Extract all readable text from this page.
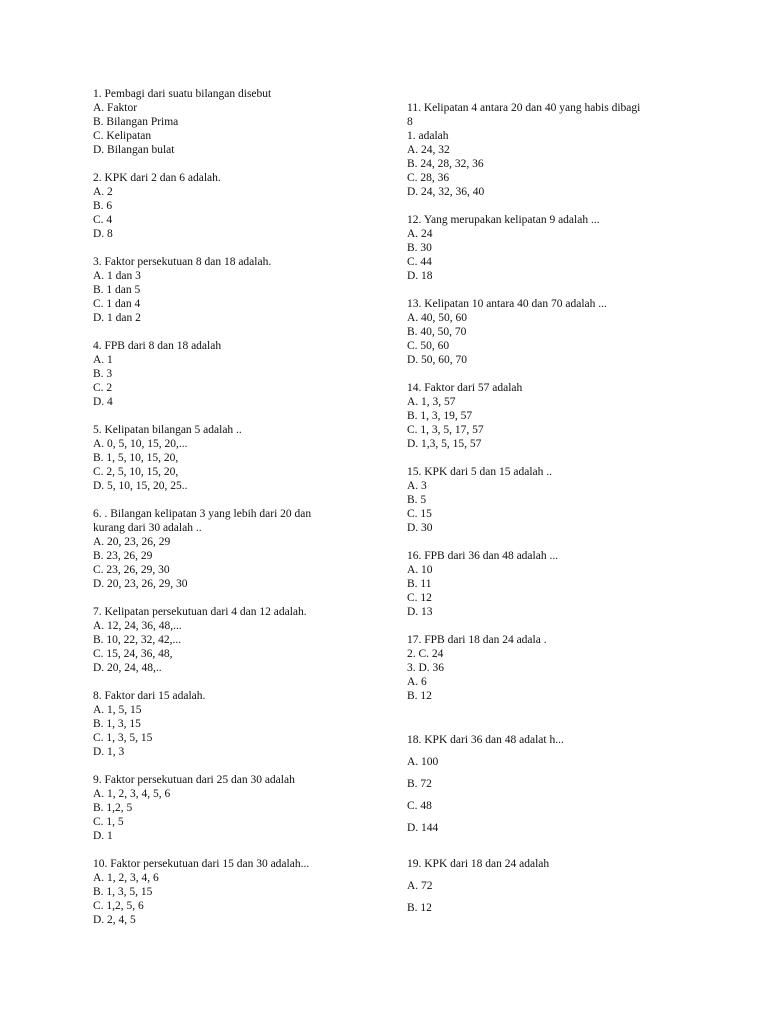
1. Pembagi dari suatu bilangan disebut
A. Faktor
B. Bilangan Prima
C. Kelipatan
D. Bilangan bulat
2. KPK dari 2 dan 6 adalah.
A. 2
B. 6
C. 4
D. 8
3. Faktor persekutuan 8 dan 18 adalah.
A. 1 dan 3
B. 1 dan 5
C. 1 dan 4
D. 1 dan 2
4. FPB dari 8 dan 18 adalah
A. 1
B. 3
C. 2
D. 4
5. Kelipatan bilangan 5 adalah ..
A. 0, 5, 10, 15, 20,...
B. 1, 5, 10, 15, 20,
C. 2, 5, 10, 15, 20,
D. 5, 10, 15, 20, 25..
6. . Bilangan kelipatan 3 yang lebih dari 20 dan
kurang dari 30 adalah ..
A. 20, 23, 26, 29
B. 23, 26, 29
C. 23, 26, 29, 30
D. 20, 23, 26, 29, 30
7. Kelipatan persekutuan dari 4 dan 12 adalah.
A. 12, 24, 36, 48,...
B. 10, 22, 32, 42,...
C. 15, 24, 36, 48,
D. 20, 24, 48,..
8. Faktor dari 15 adalah.
A. 1, 5, 15
B. 1, 3, 15
C. 1, 3, 5, 15
D. 1, 3
9. Faktor persekutuan dari 25 dan 30 adalah
A. 1, 2, 3, 4, 5, 6
B. 1,2, 5
C. 1, 5
D. 1
10. Faktor persekutuan dari 15 dan 30 adalah...
A. 1, 2, 3, 4, 6
B. 1, 3, 5, 15
C. 1,2, 5, 6
D. 2, 4, 5
11. Kelipatan 4 antara 20 dan 40 yang habis dibagi
8
1. adalah
A. 24, 32
B. 24, 28, 32, 36
C. 28, 36
D. 24, 32, 36, 40
12. Yang merupakan kelipatan 9 adalah ...
A. 24
B. 30
C. 44
D. 18
13. Kelipatan 10 antara 40 dan 70 adalah ...
A. 40, 50, 60
B. 40, 50, 70
C. 50, 60
D. 50, 60, 70
14. Faktor dari 57 adalah
A. 1, 3, 57
B. 1, 3, 19, 57
C. 1, 3, 5, 17, 57
D. 1,3, 5, 15, 57
15. KPK dari 5 dan 15 adalah ..
A. 3
B. 5
C. 15
D. 30
16. FPB dari 36 dan 48 adalah ...
A. 10
B. 11
C. 12
D. 13
17. FPB dari 18 dan 24 adala .
2. C. 24
3. D. 36
A. 6
B. 12
18. KPK dari 36 dan 48 adalat h...
A. 100
B. 72
C. 48
D. 144
19. KPK dari 18 dan 24 adalah
A. 72
B. 12
